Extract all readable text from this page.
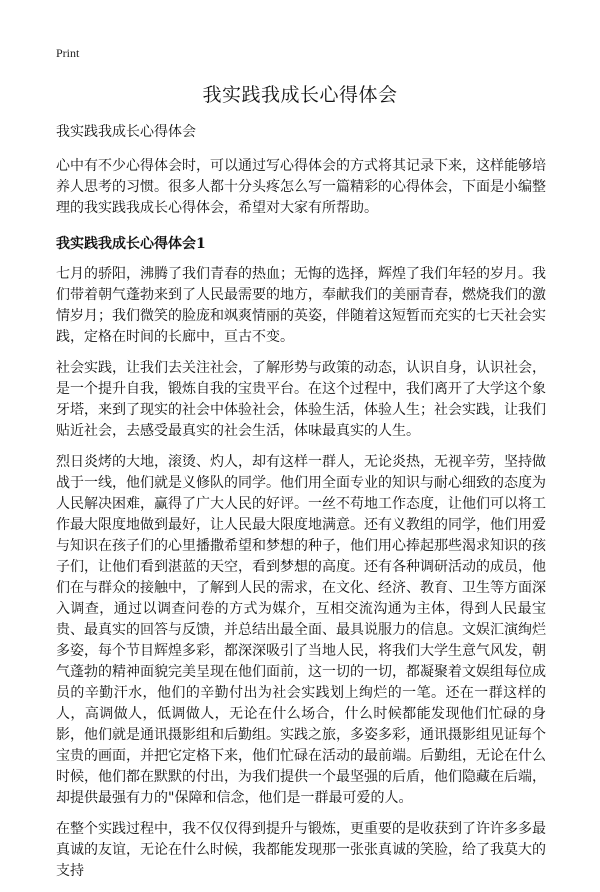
Print
我实践我成长心得体会

我实践我成长心得体会

心中有不少心得体会时，可以通过写心得体会的方式将其记录下来，这样能够培养人思考的习惯。很多人都十分头疼怎么写一篇精彩的心得体会，下面是小编整理的我实践我成长心得体会，希望对大家有所帮助。

我实践我成长心得体会1

七月的骄阳，沸腾了我们青春的热血；无悔的选择，辉煌了我们年轻的岁月。我们带着朝气蓬勃来到了人民最需要的地方，奉献我们的美丽青春，燃烧我们的激情岁月；我们微笑的脸庞和飒爽情丽的英姿，伴随着这短暂而充实的七天社会实践，定格在时间的长廊中，亘古不变。

社会实践，让我们去关注社会，了解形势与政策的动态，认识自身，认识社会，是一个提升自我，锻炼自我的宝贵平台。在这个过程中，我们离开了大学这个象牙塔，来到了现实的社会中体验社会，体验生活，体验人生；社会实践，让我们贴近社会，去感受最真实的社会生活，体味最真实的人生。

烈日炎烤的大地，滚烫、灼人，却有这样一群人，无论炎热，无视辛劳，坚持做战于一线，他们就是义修队的同学。他们用全面专业的知识与耐心细致的态度为人民解决困难，赢得了广大人民的好评。一丝不苟地工作态度，让他们可以将工作最大限度地做到最好，让人民最大限度地满意。还有义教组的同学，他们用爱与知识在孩子们的心里播撒希望和梦想的种子，他们用心捧起那些渴求知识的孩子们，让他们看到湛蓝的天空，看到梦想的高度。还有各种调研活动的成员，他们在与群众的接触中，了解到人民的需求，在文化、经济、教育、卫生等方面深入调查，通过以调查问卷的方式为媒介，互相交流沟通为主体，得到人民最宝贵、最真实的回答与反馈，并总结出最全面、最具说服力的信息。文娱汇演绚烂多姿，每个节目辉煌多彩，都深深吸引了当地人民，将我们大学生意气风发，朝气蓬勃的精神面貌完美呈现在他们面前，这一切的一切，都凝聚着文娱组每位成员的辛勤汗水，他们的辛勤付出为社会实践划上绚烂的一笔。还在一群这样的人，高调做人，低调做人，无论在什么场合，什么时候都能发现他们忙碌的身影，他们就是通讯摄影组和后勤组。实践之旅，多姿多彩，通讯摄影组见证每个宝贵的画面，并把它定格下来，他们忙碌在活动的最前端。后勤组，无论在什么时候，他们都在默默的付出，为我们提供一个最坚强的后盾，他们隐藏在后端，却提供最强有力的"保障和信念，他们是一群最可爱的人。

在整个实践过程中，我不仅仅得到提升与锻炼，更重要的是收获到了许许多多最真诚的友谊，无论在什么时候，我都能发现那一张张真诚的笑脸，给了我莫大的支持
